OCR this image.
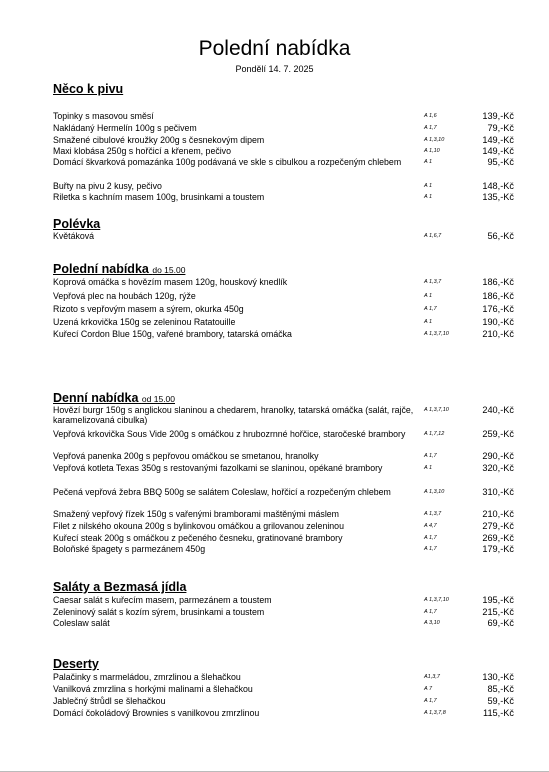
Polední nabídka
Pondělí 14. 7. 2025
Něco k pivu
Topinky s masovou směsí	A 1,6	139,-Kč
Nakládaný Hermelín 100g s pečivem	A 1,7	79,-Kč
Smažené cibulové kroužky 200g s česnekovým dipem	A 1,3,10	149,-Kč
Maxi klobása 250g s hořčicí a křenem, pečivo	A 1,10	149,-Kč
Domácí škvarková pomazánka 100g podávaná ve skle s cibulkou a rozpečeným chlebem	A 1	95,-Kč
Buřty na pivu 2 kusy, pečivo	A 1	148,-Kč
Riletka s kachním masem 100g, brusinkami a toustem	A 1	135,-Kč
Polévka
Květáková	A 1,6,7	56,-Kč
Polední nabídka do 15.00
Koprová omáčka s hovězím masem 120g, houskový knedlík	A 1,3,7	186,-Kč
Vepřová plec na houbách 120g, rýže	A 1	186,-Kč
Rizoto s vepřovým masem a sýrem, okurka 450g	A 1,7	176,-Kč
Uzená krkovička 150g se zeleninou Ratatouille	A 1	190,-Kč
Kuřecí Cordon Blue 150g, vařené brambory, tatarská omáčka	A 1,3,7,10	210,-Kč
Denní nabídka od 15.00
Hovězí burgr 150g s anglickou slaninou a chedarem, hranolky, tatarská omáčka (salát, rajče, karamelizovaná cibulka)
A 1,3,7,10	240,-Kč
Vepřová krkovička Sous Vide 200g s omáčkou z hrubozrnné hořčice, staročeské brambory	A 1,7,12	259,-Kč
Vepřová panenka 200g s pepřovou omáčkou se smetanou, hranolky	A 1,7	290,-Kč
Vepřová kotleta Texas 350g s restovanými fazolkami se slaninou, opékané brambory	A 1	320,-Kč
Pečená vepřová žebra BBQ 500g se salátem Coleslaw, hořčicí a rozpečeným chlebem	A 1,3,10	310,-Kč
Smažený vepřový řízek 150g s vařenými bramborami maštěnými máslem	A 1,3,7	210,-Kč
Filet z nilského okouna 200g s bylinkovou omáčkou a grilovanou zeleninou	A 4,7	279,-Kč
Kuřecí steak 200g s omáčkou z pečeného česneku, gratinované brambory	A 1,7	269,-Kč
Boloňské špagety s parmezánem 450g	A 1,7	179,-Kč
Saláty a Bezmasá jídla
Caesar salát s kuřecím masem, parmezánem a toustem	A 1,3,7,10	195,-Kč
Zeleninový salát s kozím sýrem, brusinkami a toustem	A 1,7	215,-Kč
Coleslaw salát	A 3,10	69,-Kč
Deserty
Palačinky s marmeládou, zmrzlinou a šlehačkou	A1,3,7	130,-Kč
Vanilková zmrzlina s horkými malinami a šlehačkou	A 7	85,-Kč
Jablečný štrůdl se šlehačkou	A 1,7	59,-Kč
Domácí čokoládový Brownies s vanilkovou zmrzlinou	A 1,3,7,8	115,-Kč
